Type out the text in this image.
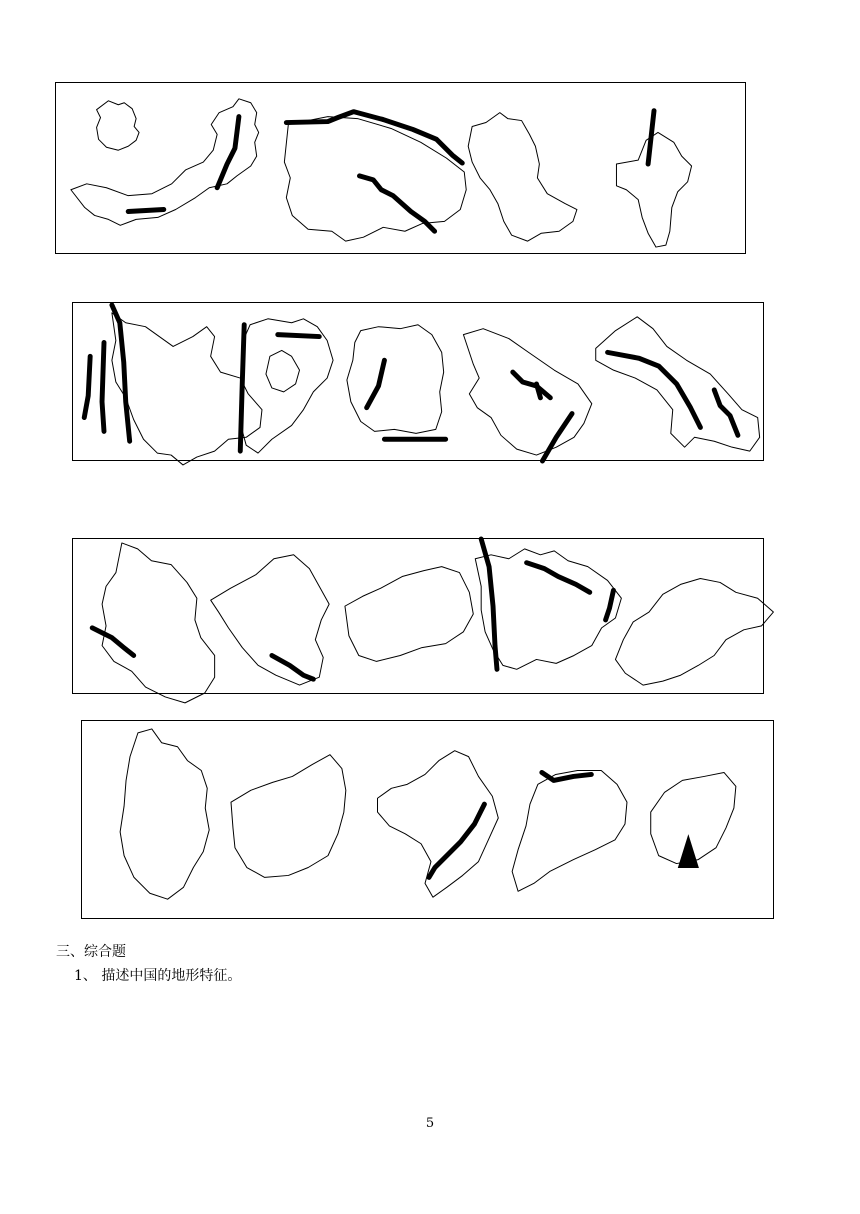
三、综合题
1、 描述中国的地形特征。
5
